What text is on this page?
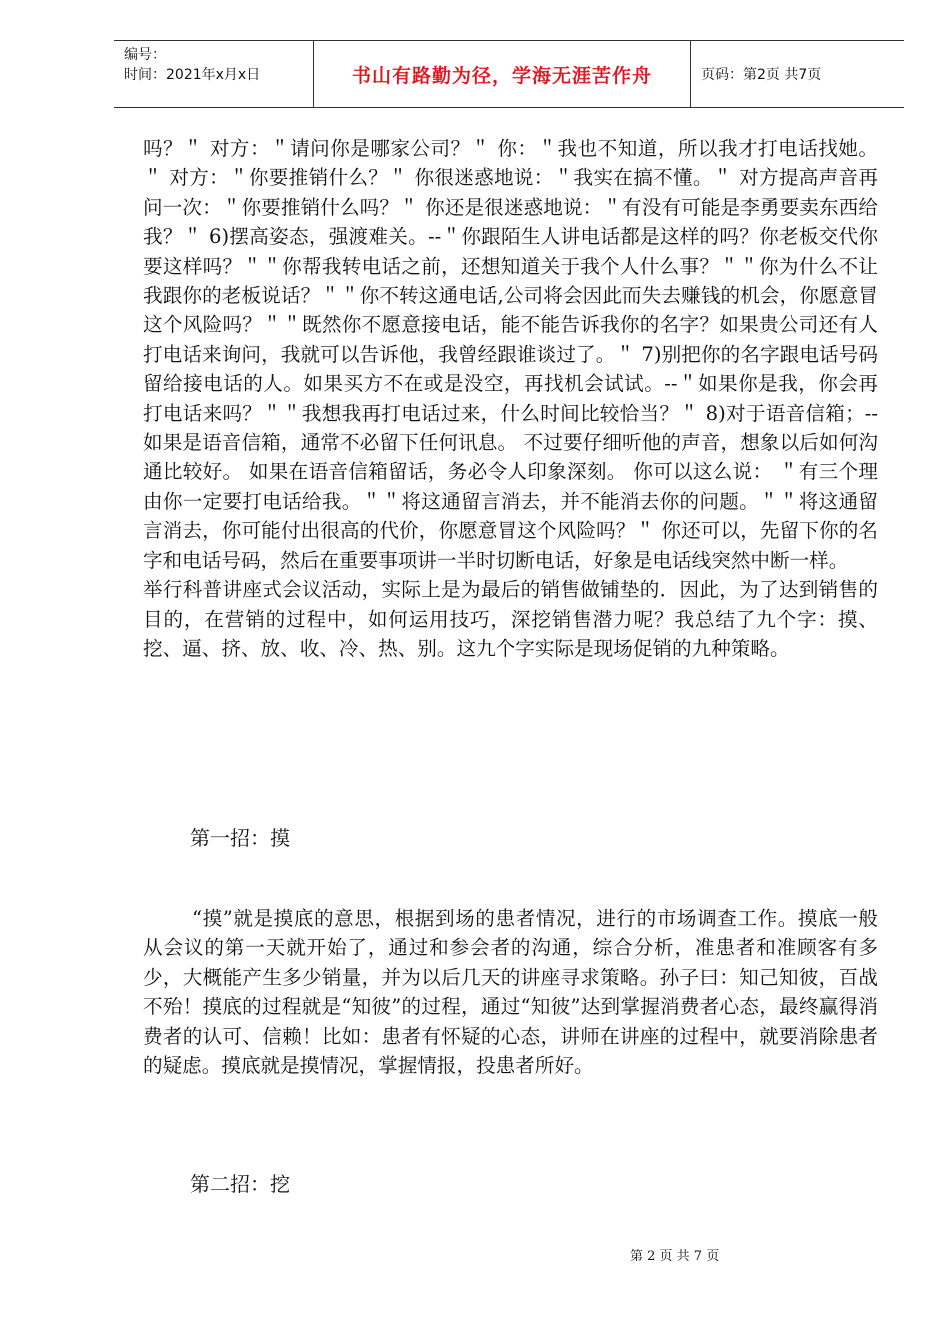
编号：
时间：2021年x月x日	书山有路勤为径，学海无涯苦作舟	页码：第2页 共7页

吗？＂ 对方：＂请问你是哪家公司？＂ 你：＂我也不知道，所以我才打电话找她。＂ 对方：＂你要推销什么？＂ 你很迷惑地说：＂我实在搞不懂。＂ 对方提高声音再问一次：＂你要推销什么吗？＂ 你还是很迷惑地说：＂有没有可能是李勇要卖东西给我？＂ 6)摆高姿态，强渡难关。--＂你跟陌生人讲电话都是这样的吗？你老板交代你要这样吗？＂＂你帮我转电话之前，还想知道关于我个人什么事？＂＂你为什么不让我跟你的老板说话？＂＂你不转这通电话,公司将会因此而失去赚钱的机会，你愿意冒这个风险吗？＂＂既然你不愿意接电话，能不能告诉我你的名字？如果贵公司还有人打电话来询问，我就可以告诉他，我曾经跟谁谈过了。＂ 7)别把你的名字跟电话号码留给接电话的人。如果买方不在或是没空，再找机会试试。--＂如果你是我，你会再打电话来吗？＂＂我想我再打电话过来，什么时间比较恰当？＂ 8)对于语音信箱；--如果是语音信箱，通常不必留下任何讯息。 不过要仔细听他的声音，想象以后如何沟通比较好。 如果在语音信箱留话，务必令人印象深刻。 你可以这么说： ＂有三个理由你一定要打电话给我。＂＂将这通留言消去，并不能消去你的问题。＂＂将这通留言消去，你可能付出很高的代价，你愿意冒这个风险吗？＂ 你还可以，先留下你的名字和电话号码，然后在重要事项讲一半时切断电话，好象是电话线突然中断一样。

举行科普讲座式会议活动，实际上是为最后的销售做铺垫的．因此，为了达到销售的目的，在营销的过程中，如何运用技巧，深挖销售潜力呢？我总结了九个字：摸、挖、逼、挤、放、收、冷、热、别。这九个字实际是现场促销的九种策略。

第一招：摸

“摸”就是摸底的意思，根据到场的患者情况，进行的市场调查工作。摸底一般从会议的第一天就开始了，通过和参会者的沟通，综合分析，准患者和准顾客有多少，大概能产生多少销量，并为以后几天的讲座寻求策略。孙子曰：知己知彼，百战不殆！摸底的过程就是“知彼”的过程，通过“知彼”达到掌握消费者心态，最终赢得消费者的认可、信赖！比如：患者有怀疑的心态，讲师在讲座的过程中，就要消除患者的疑虑。摸底就是摸情况，掌握情报，投患者所好。

第二招：挖
第 2 页 共 7 页
